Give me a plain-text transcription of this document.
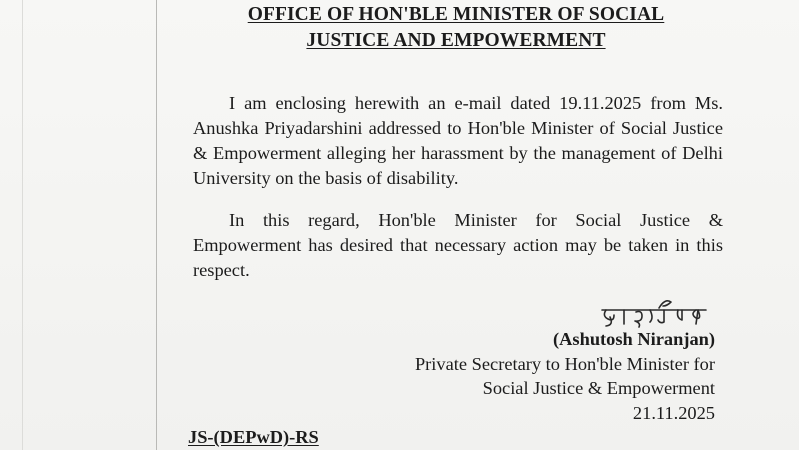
OFFICE OF HON'BLE MINISTER OF SOCIAL
JUSTICE AND EMPOWERMENT
I am enclosing herewith an e-mail dated 19.11.2025 from Ms. Anushka Priyadarshini addressed to Hon'ble Minister of Social Justice & Empowerment alleging her harassment by the management of Delhi University on the basis of disability.
In this regard, Hon'ble Minister for Social Justice & Empowerment has desired that necessary action may be taken in this respect.
(Ashutosh Niranjan)
Private Secretary to Hon'ble Minister for
Social Justice & Empowerment
21.11.2025
JS-(DEPwD)-RS
